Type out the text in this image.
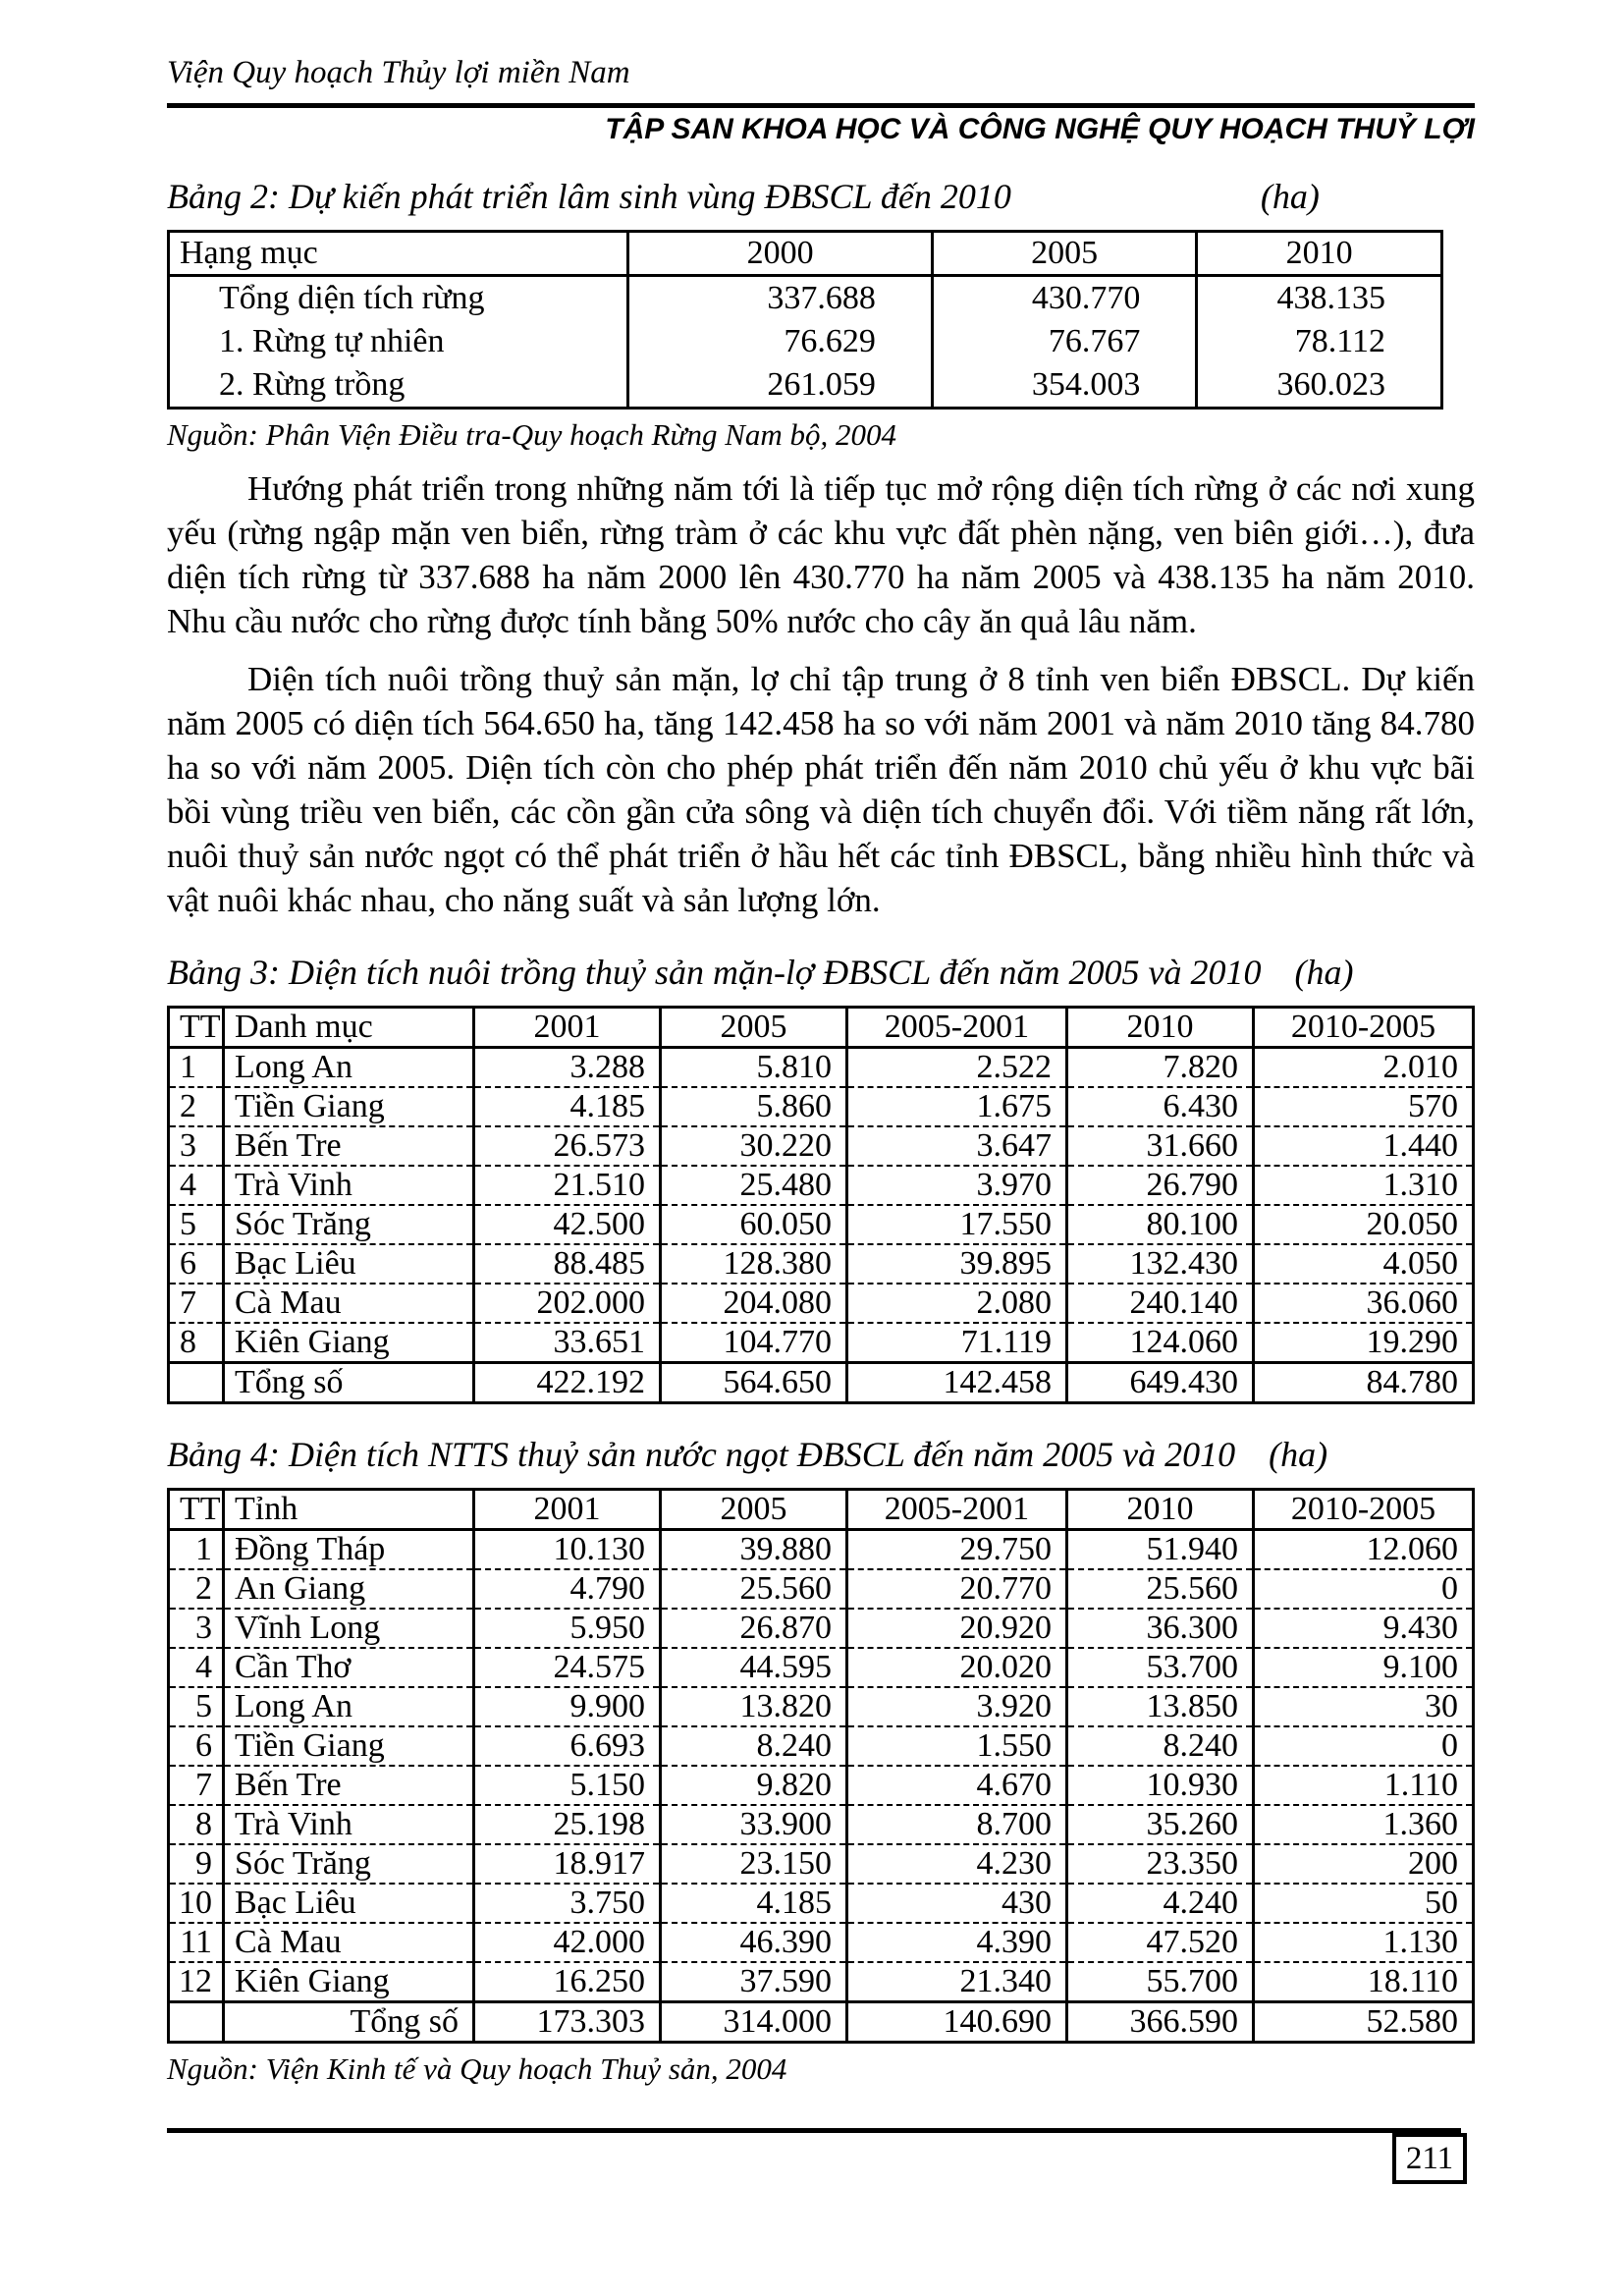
Viện Quy hoạch Thủy lợi miền Nam
TẬP SAN KHOA HỌC VÀ CÔNG NGHỆ QUY HOẠCH THUỶ LỢI
Bảng 2: Dự kiến phát triển lâm sinh vùng ĐBSCL đến 2010	(ha)
Hạng mục	2000	2005	2010
Tổng diện tích rừng	337.688	430.770	438.135
1. Rừng tự nhiên	76.629	76.767	78.112
2. Rừng trồng	261.059	354.003	360.023
Nguồn: Phân Viện Điều tra-Quy hoạch Rừng Nam bộ, 2004

Hướng phát triển trong những năm tới là tiếp tục mở rộng diện tích rừng ở các nơi xung yếu (rừng ngập mặn ven biển, rừng tràm ở các khu vực đất phèn nặng, ven biên giới…), đưa diện tích rừng từ 337.688 ha năm 2000 lên 430.770 ha năm 2005 và 438.135 ha năm 2010. Nhu cầu nước cho rừng được tính bằng 50% nước cho cây ăn quả lâu năm.

Diện tích nuôi trồng thuỷ sản mặn, lợ chỉ tập trung ở 8 tỉnh ven biển ĐBSCL. Dự kiến năm 2005 có diện tích 564.650 ha, tăng 142.458 ha so với năm 2001 và năm 2010 tăng 84.780 ha so với năm 2005. Diện tích còn cho phép phát triển đến năm 2010 chủ yếu ở khu vực bãi bồi vùng triều ven biển, các cồn gần cửa sông và diện tích chuyển đổi. Với tiềm năng rất lớn, nuôi thuỷ sản nước ngọt có thể phát triển ở hầu hết các tỉnh ĐBSCL, bằng nhiều hình thức và vật nuôi khác nhau, cho năng suất và sản lượng lớn.

Bảng 3: Diện tích nuôi trồng thuỷ sản mặn-lợ ĐBSCL đến năm 2005 và 2010 (ha)
TT	Danh mục	2001	2005	2005-2001	2010	2010-2005
1	Long An	3.288	5.810	2.522	7.820	2.010
2	Tiền Giang	4.185	5.860	1.675	6.430	570
3	Bến Tre	26.573	30.220	3.647	31.660	1.440
4	Trà Vinh	21.510	25.480	3.970	26.790	1.310
5	Sóc Trăng	42.500	60.050	17.550	80.100	20.050
6	Bạc Liêu	88.485	128.380	39.895	132.430	4.050
7	Cà Mau	202.000	204.080	2.080	240.140	36.060
8	Kiên Giang	33.651	104.770	71.119	124.060	19.290
	Tổng số	422.192	564.650	142.458	649.430	84.780
Bảng 4: Diện tích NTTS thuỷ sản nước ngọt ĐBSCL đến năm 2005 và 2010 (ha)
TT	Tỉnh	2001	2005	2005-2001	2010	2010-2005
1	Đồng Tháp	10.130	39.880	29.750	51.940	12.060
2	An Giang	4.790	25.560	20.770	25.560	0
3	Vĩnh Long	5.950	26.870	20.920	36.300	9.430
4	Cần Thơ	24.575	44.595	20.020	53.700	9.100
5	Long An	9.900	13.820	3.920	13.850	30
6	Tiền Giang	6.693	8.240	1.550	8.240	0
7	Bến Tre	5.150	9.820	4.670	10.930	1.110
8	Trà Vinh	25.198	33.900	8.700	35.260	1.360
9	Sóc Trăng	18.917	23.150	4.230	23.350	200
10	Bạc Liêu	3.750	4.185	430	4.240	50
11	Cà Mau	42.000	46.390	4.390	47.520	1.130
12	Kiên Giang	16.250	37.590	21.340	55.700	18.110
	Tổng số	173.303	314.000	140.690	366.590	52.580
Nguồn: Viện Kinh tế và Quy hoạch Thuỷ sản, 2004
211
